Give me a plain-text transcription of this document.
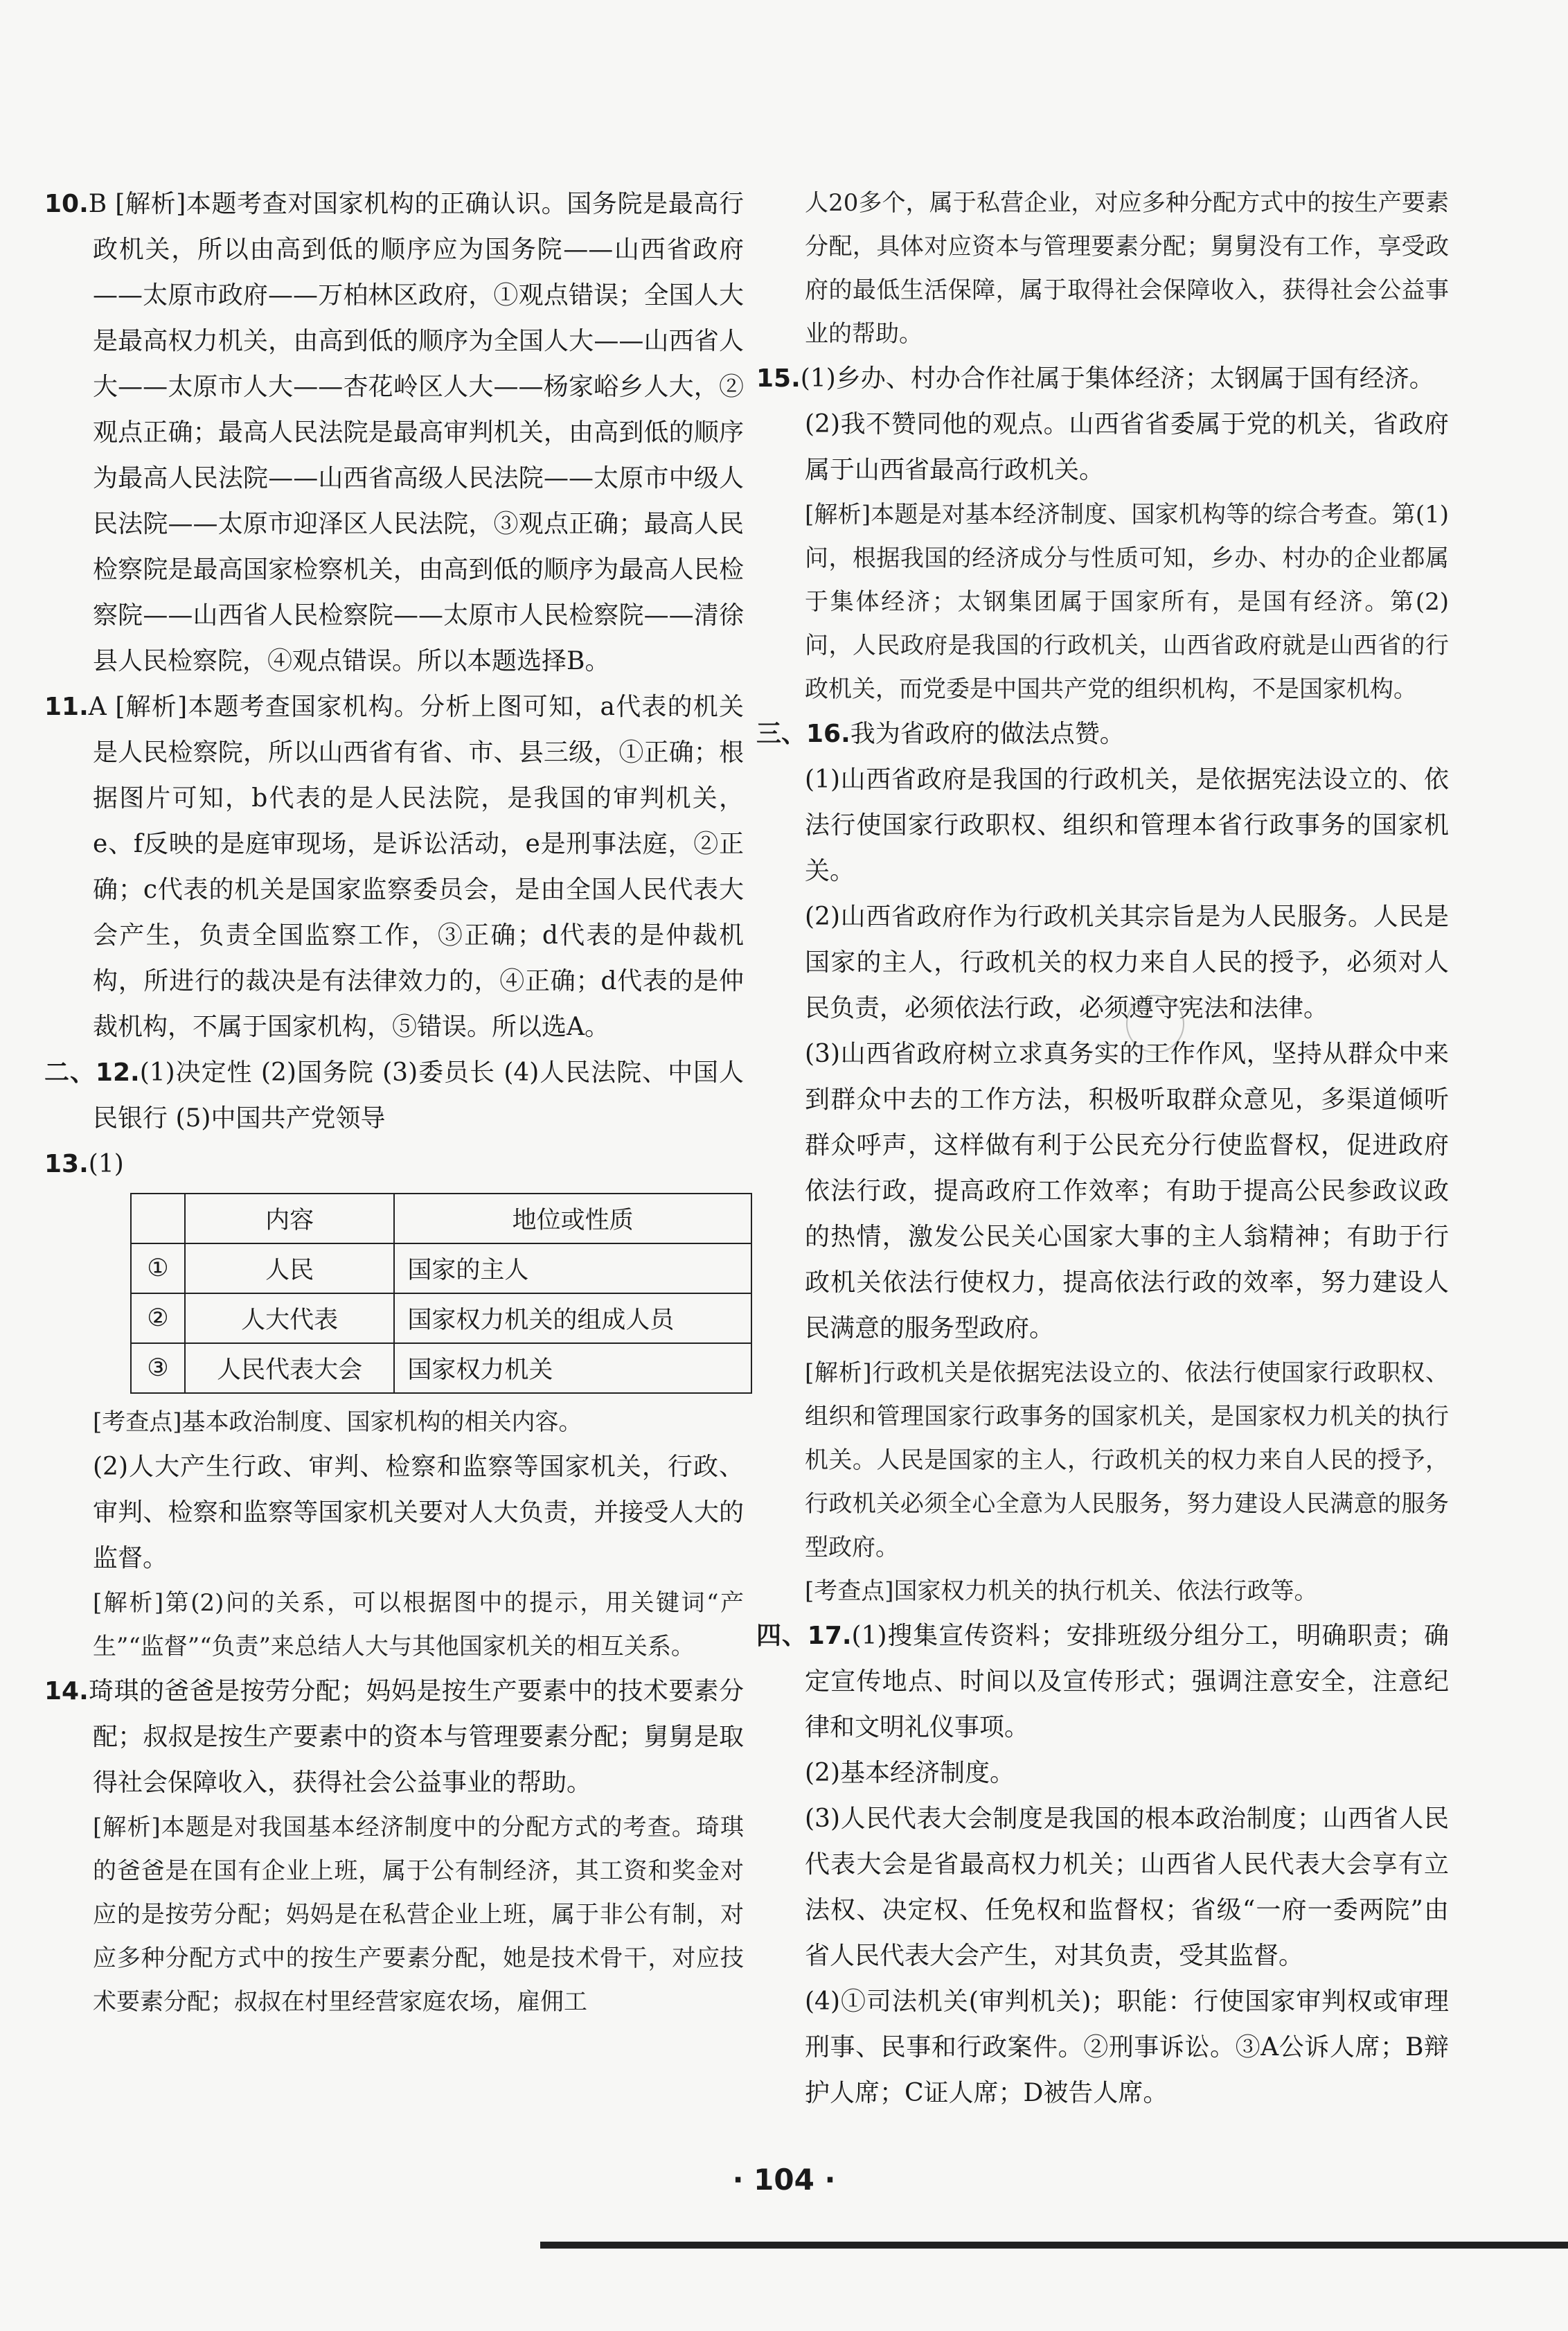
10.B [解析]本题考查对国家机构的正确认识。国务院是最高行政机关，所以由高到低的顺序应为国务院——山西省政府——太原市政府——万柏林区政府，①观点错误；全国人大是最高权力机关，由高到低的顺序为全国人大——山西省人大——太原市人大——杏花岭区人大——杨家峪乡人大，②观点正确；最高人民法院是最高审判机关，由高到低的顺序为最高人民法院——山西省高级人民法院——太原市中级人民法院——太原市迎泽区人民法院，③观点正确；最高人民检察院是最高国家检察机关，由高到低的顺序为最高人民检察院——山西省人民检察院——太原市人民检察院——清徐县人民检察院，④观点错误。所以本题选择B。

11.A [解析]本题考查国家机构。分析上图可知，a代表的机关是人民检察院，所以山西省有省、市、县三级，①正确；根据图片可知，b代表的是人民法院，是我国的审判机关，e、f反映的是庭审现场，是诉讼活动，e是刑事法庭，②正确；c代表的机关是国家监察委员会，是由全国人民代表大会产生，负责全国监察工作，③正确；d代表的是仲裁机构，所进行的裁决是有法律效力的，④正确；d代表的是仲裁机构，不属于国家机构，⑤错误。所以选A。

二、12.(1)决定性 (2)国务院 (3)委员长 (4)人民法院、中国人民银行 (5)中国共产党领导

13.(1)

	内容	地位或性质
①	人民	国家的主人
②	人大代表	国家权力机关的组成人员
③	人民代表大会	国家权力机关

[考查点]基本政治制度、国家机构的相关内容。

(2)人大产生行政、审判、检察和监察等国家机关，行政、审判、检察和监察等国家机关要对人大负责，并接受人大的监督。

[解析]第(2)问的关系，可以根据图中的提示，用关键词“产生”“监督”“负责”来总结人大与其他国家机关的相互关系。

14.琦琪的爸爸是按劳分配；妈妈是按生产要素中的技术要素分配；叔叔是按生产要素中的资本与管理要素分配；舅舅是取得社会保障收入，获得社会公益事业的帮助。

[解析]本题是对我国基本经济制度中的分配方式的考查。琦琪的爸爸是在国有企业上班，属于公有制经济，其工资和奖金对应的是按劳分配；妈妈是在私营企业上班，属于非公有制，对应多种分配方式中的按生产要素分配，她是技术骨干，对应技术要素分配；叔叔在村里经营家庭农场，雇佣工

人20多个，属于私营企业，对应多种分配方式中的按生产要素分配，具体对应资本与管理要素分配；舅舅没有工作，享受政府的最低生活保障，属于取得社会保障收入，获得社会公益事业的帮助。

15.(1)乡办、村办合作社属于集体经济；太钢属于国有经济。

(2)我不赞同他的观点。山西省省委属于党的机关，省政府属于山西省最高行政机关。

[解析]本题是对基本经济制度、国家机构等的综合考查。第(1)问，根据我国的经济成分与性质可知，乡办、村办的企业都属于集体经济；太钢集团属于国家所有，是国有经济。第(2)问，人民政府是我国的行政机关，山西省政府就是山西省的行政机关，而党委是中国共产党的组织机构，不是国家机构。

三、16.我为省政府的做法点赞。

(1)山西省政府是我国的行政机关，是依据宪法设立的、依法行使国家行政职权、组织和管理本省行政事务的国家机关。

(2)山西省政府作为行政机关其宗旨是为人民服务。人民是国家的主人，行政机关的权力来自人民的授予，必须对人民负责，必须依法行政，必须遵守宪法和法律。

(3)山西省政府树立求真务实的工作作风，坚持从群众中来到群众中去的工作方法，积极听取群众意见，多渠道倾听群众呼声，这样做有利于公民充分行使监督权，促进政府依法行政，提高政府工作效率；有助于提高公民参政议政的热情，激发公民关心国家大事的主人翁精神；有助于行政机关依法行使权力，提高依法行政的效率，努力建设人民满意的服务型政府。

[解析]行政机关是依据宪法设立的、依法行使国家行政职权、组织和管理国家行政事务的国家机关，是国家权力机关的执行机关。人民是国家的主人，行政机关的权力来自人民的授予，行政机关必须全心全意为人民服务，努力建设人民满意的服务型政府。

[考查点]国家权力机关的执行机关、依法行政等。

四、17.(1)搜集宣传资料；安排班级分组分工，明确职责；确定宣传地点、时间以及宣传形式；强调注意安全，注意纪律和文明礼仪事项。

(2)基本经济制度。

(3)人民代表大会制度是我国的根本政治制度；山西省人民代表大会是省最高权力机关；山西省人民代表大会享有立法权、决定权、任免权和监督权；省级“一府一委两院”由省人民代表大会产生，对其负责，受其监督。

(4)①司法机关(审判机关)；职能：行使国家审判权或审理刑事、民事和行政案件。②刑事诉讼。③A公诉人席；B辩护人席；C证人席；D被告人席。

· 104 ·
